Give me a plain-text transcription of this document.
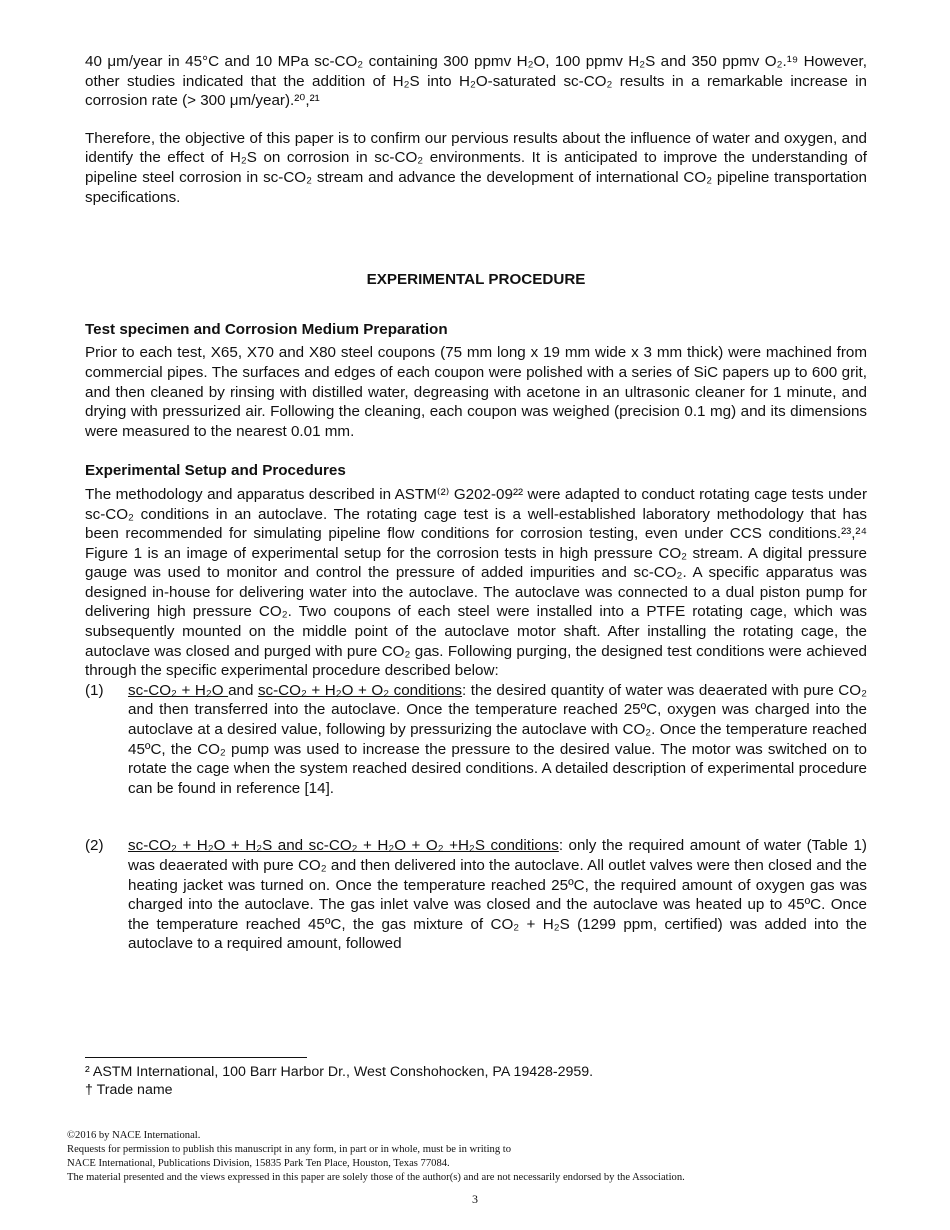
40 μm/year in 45°C and 10 MPa sc-CO₂ containing 300 ppmv H₂O, 100 ppmv H₂S and 350 ppmv O₂.¹⁹ However, other studies indicated that the addition of H₂S into H₂O-saturated sc-CO₂ results in a remarkable increase in corrosion rate (> 300 μm/year).²⁰,²¹

Therefore, the objective of this paper is to confirm our pervious results about the influence of water and oxygen, and identify the effect of H₂S on corrosion in sc-CO₂ environments. It is anticipated to improve the understanding of pipeline steel corrosion in sc-CO₂ stream and advance the development of international CO₂ pipeline transportation specifications.

EXPERIMENTAL PROCEDURE

Test specimen and Corrosion Medium Preparation

Prior to each test, X65, X70 and X80 steel coupons (75 mm long x 19 mm wide x 3 mm thick) were machined from commercial pipes. The surfaces and edges of each coupon were polished with a series of SiC papers up to 600 grit, and then cleaned by rinsing with distilled water, degreasing with acetone in an ultrasonic cleaner for 1 minute, and drying with pressurized air. Following the cleaning, each coupon was weighed (precision 0.1 mg) and its dimensions were measured to the nearest 0.01 mm.

Experimental Setup and Procedures

The methodology and apparatus described in ASTM⁽²⁾ G202-09²² were adapted to conduct rotating cage tests under sc-CO₂ conditions in an autoclave. The rotating cage test is a well-established laboratory methodology that has been recommended for simulating pipeline flow conditions for corrosion testing, even under CCS conditions.²³,²⁴ Figure 1 is an image of experimental setup for the corrosion tests in high pressure CO₂ stream. A digital pressure gauge was used to monitor and control the pressure of added impurities and sc-CO₂. A specific apparatus was designed in-house for delivering water into the autoclave. The autoclave was connected to a dual piston pump for delivering high pressure CO₂. Two coupons of each steel were installed into a PTFE rotating cage, which was subsequently mounted on the middle point of the autoclave motor shaft. After installing the rotating cage, the autoclave was closed and purged with pure CO₂ gas. Following purging, the designed test conditions were achieved through the specific experimental procedure described below:

(1)	sc-CO₂ + H₂O and sc-CO₂ + H₂O + O₂ conditions: the desired quantity of water was deaerated with pure CO₂ and then transferred into the autoclave. Once the temperature reached 25ºC, oxygen was charged into the autoclave at a desired value, following by pressurizing the autoclave with CO₂. Once the temperature reached 45ºC, the CO₂ pump was used to increase the pressure to the desired value. The motor was switched on to rotate the cage when the system reached desired conditions. A detailed description of experimental procedure can be found in reference [14].
(2)	sc-CO₂ + H₂O + H₂S and sc-CO₂ + H₂O + O₂ +H₂S conditions: only the required amount of water (Table 1) was deaerated with pure CO₂ and then delivered into the autoclave. All outlet valves were then closed and the heating jacket was turned on. Once the temperature reached 25ºC, the required amount of oxygen gas was charged into the autoclave. The gas inlet valve was closed and the autoclave was heated up to 45ºC. Once the temperature reached 45ºC, the gas mixture of CO₂ + H₂S (1299 ppm, certified) was added into the autoclave to a required amount, followed
² ASTM International, 100 Barr Harbor Dr., West Conshohocken, PA 19428-2959.
† Trade name
©2016 by NACE International.
Requests for permission to publish this manuscript in any form, in part or in whole, must be in writing to
NACE International, Publications Division, 15835 Park Ten Place, Houston, Texas 77084.
The material presented and the views expressed in this paper are solely those of the author(s) and are not necessarily endorsed by the Association.
3
